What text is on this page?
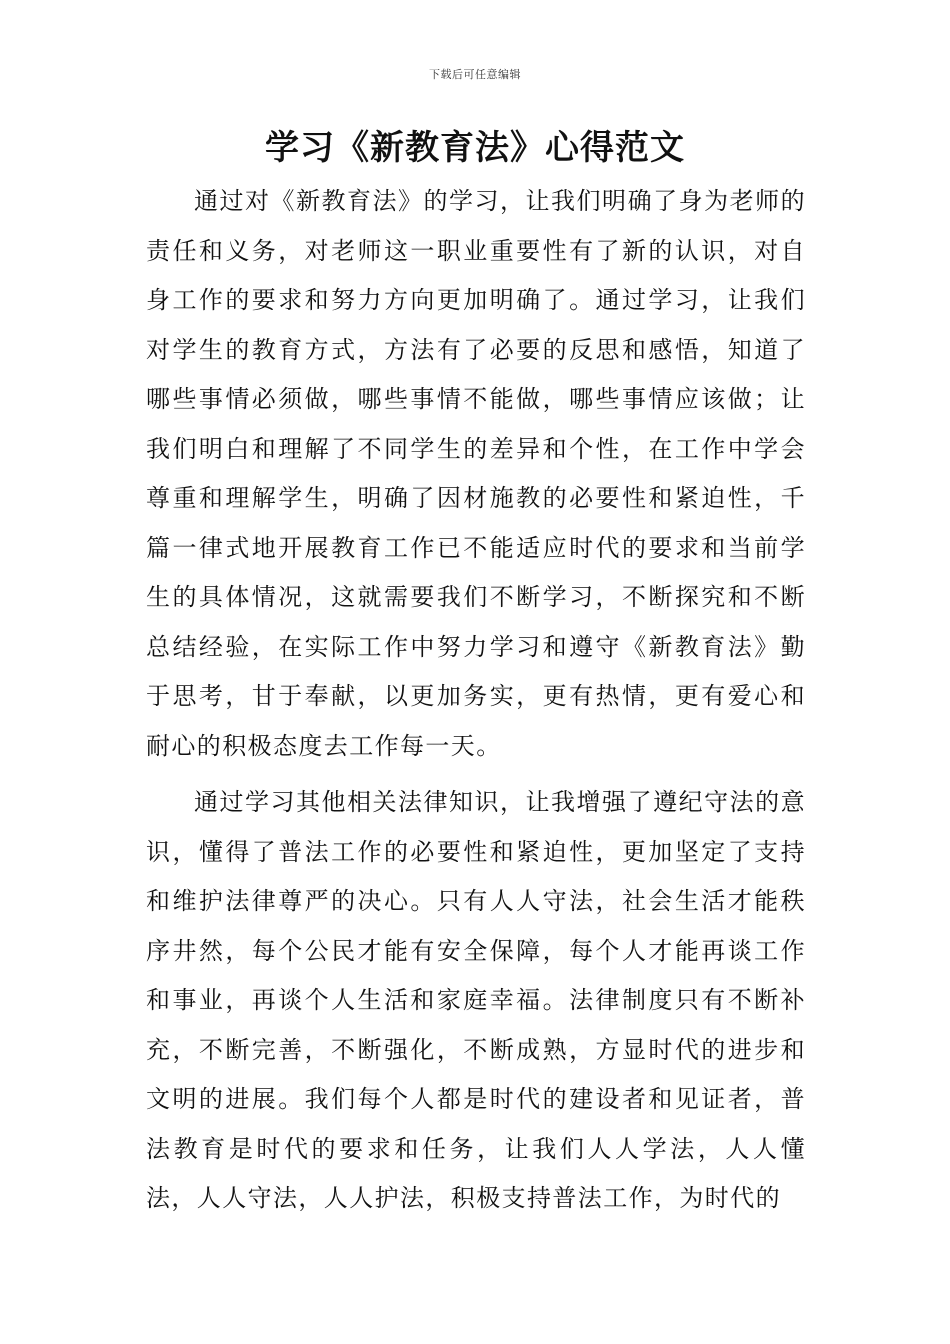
下载后可任意编辑
学习《新教育法》心得范文

通过对《新教育法》的学习，让我们明确了身为老师的责任和义务，对老师这一职业重要性有了新的认识，对自身工作的要求和努力方向更加明确了。通过学习，让我们对学生的教育方式，方法有了必要的反思和感悟，知道了哪些事情必须做，哪些事情不能做，哪些事情应该做；让我们明白和理解了不同学生的差异和个性，在工作中学会尊重和理解学生，明确了因材施教的必要性和紧迫性，千篇一律式地开展教育工作已不能适应时代的要求和当前学生的具体情况，这就需要我们不断学习，不断探究和不断总结经验，在实际工作中努力学习和遵守《新教育法》勤于思考，甘于奉献，以更加务实，更有热情，更有爱心和耐心的积极态度去工作每一天。

通过学习其他相关法律知识，让我增强了遵纪守法的意识，懂得了普法工作的必要性和紧迫性，更加坚定了支持和维护法律尊严的决心。只有人人守法，社会生活才能秩序井然，每个公民才能有安全保障，每个人才能再谈工作和事业，再谈个人生活和家庭幸福。法律制度只有不断补充，不断完善，不断强化，不断成熟，方显时代的进步和文明的进展。我们每个人都是时代的建设者和见证者，普法教育是时代的要求和任务，让我们人人学法，人人懂法，人人守法，人人护法，积极支持普法工作，为时代的
